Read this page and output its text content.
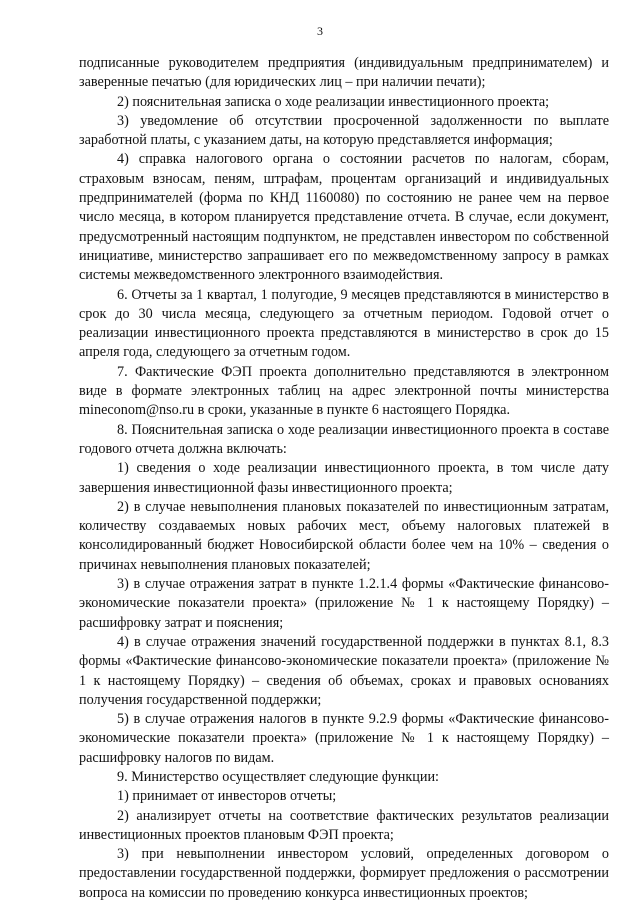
3

подписанные руководителем предприятия (индивидуальным предпринимателем) и заверенные печатью (для юридических лиц – при наличии печати);

2) пояснительная записка о ходе реализации инвестиционного проекта;

3) уведомление об отсутствии просроченной задолженности по выплате заработной платы, с указанием даты, на которую представляется информация;

4) справка налогового органа о состоянии расчетов по налогам, сборам, страховым взносам, пеням, штрафам, процентам организаций и индивидуальных предпринимателей (форма по КНД 1160080) по состоянию не ранее чем на первое число месяца, в котором планируется представление отчета. В случае, если документ, предусмотренный настоящим подпунктом, не представлен инвестором по собственной инициативе, министерство запрашивает его по межведомственному запросу в рамках системы межведомственного электронного взаимодействия.

6. Отчеты за 1 квартал, 1 полугодие, 9 месяцев представляются в министерство в срок до 30 числа месяца, следующего за отчетным периодом. Годовой отчет о реализации инвестиционного проекта представляются в министерство в срок до 15 апреля года, следующего за отчетным годом.

7. Фактические ФЭП проекта дополнительно представляются в электронном виде в формате электронных таблиц на адрес электронной почты министерства mineconom@nso.ru в сроки, указанные в пункте 6 настоящего Порядка.

8. Пояснительная записка о ходе реализации инвестиционного проекта в составе годового отчета должна включать:

1) сведения о ходе реализации инвестиционного проекта, в том числе дату завершения инвестиционной фазы инвестиционного проекта;

2) в случае невыполнения плановых показателей по инвестиционным затратам, количеству создаваемых новых рабочих мест, объему налоговых платежей в консолидированный бюджет Новосибирской области более чем на 10% – сведения о причинах невыполнения плановых показателей;

3) в случае отражения затрат в пункте 1.2.1.4 формы «Фактические финансово-экономические показатели проекта» (приложение № 1 к настоящему Порядку) – расшифровку затрат и пояснения;

4) в случае отражения значений государственной поддержки в пунктах 8.1, 8.3 формы «Фактические финансово-экономические показатели проекта» (приложение № 1 к настоящему Порядку) – сведения об объемах, сроках и правовых основаниях получения государственной поддержки;

5) в случае отражения налогов в пункте 9.2.9 формы «Фактические финансово-экономические показатели проекта» (приложение № 1 к настоящему Порядку) – расшифровку налогов по видам.

9. Министерство осуществляет следующие функции:

1) принимает от инвесторов отчеты;

2) анализирует отчеты на соответствие фактических результатов реализации инвестиционных проектов плановым ФЭП проекта;

3) при невыполнении инвестором условий, определенных договором о предоставлении государственной поддержки, формирует предложения о рассмотрении вопроса на комиссии по проведению конкурса инвестиционных проектов;
